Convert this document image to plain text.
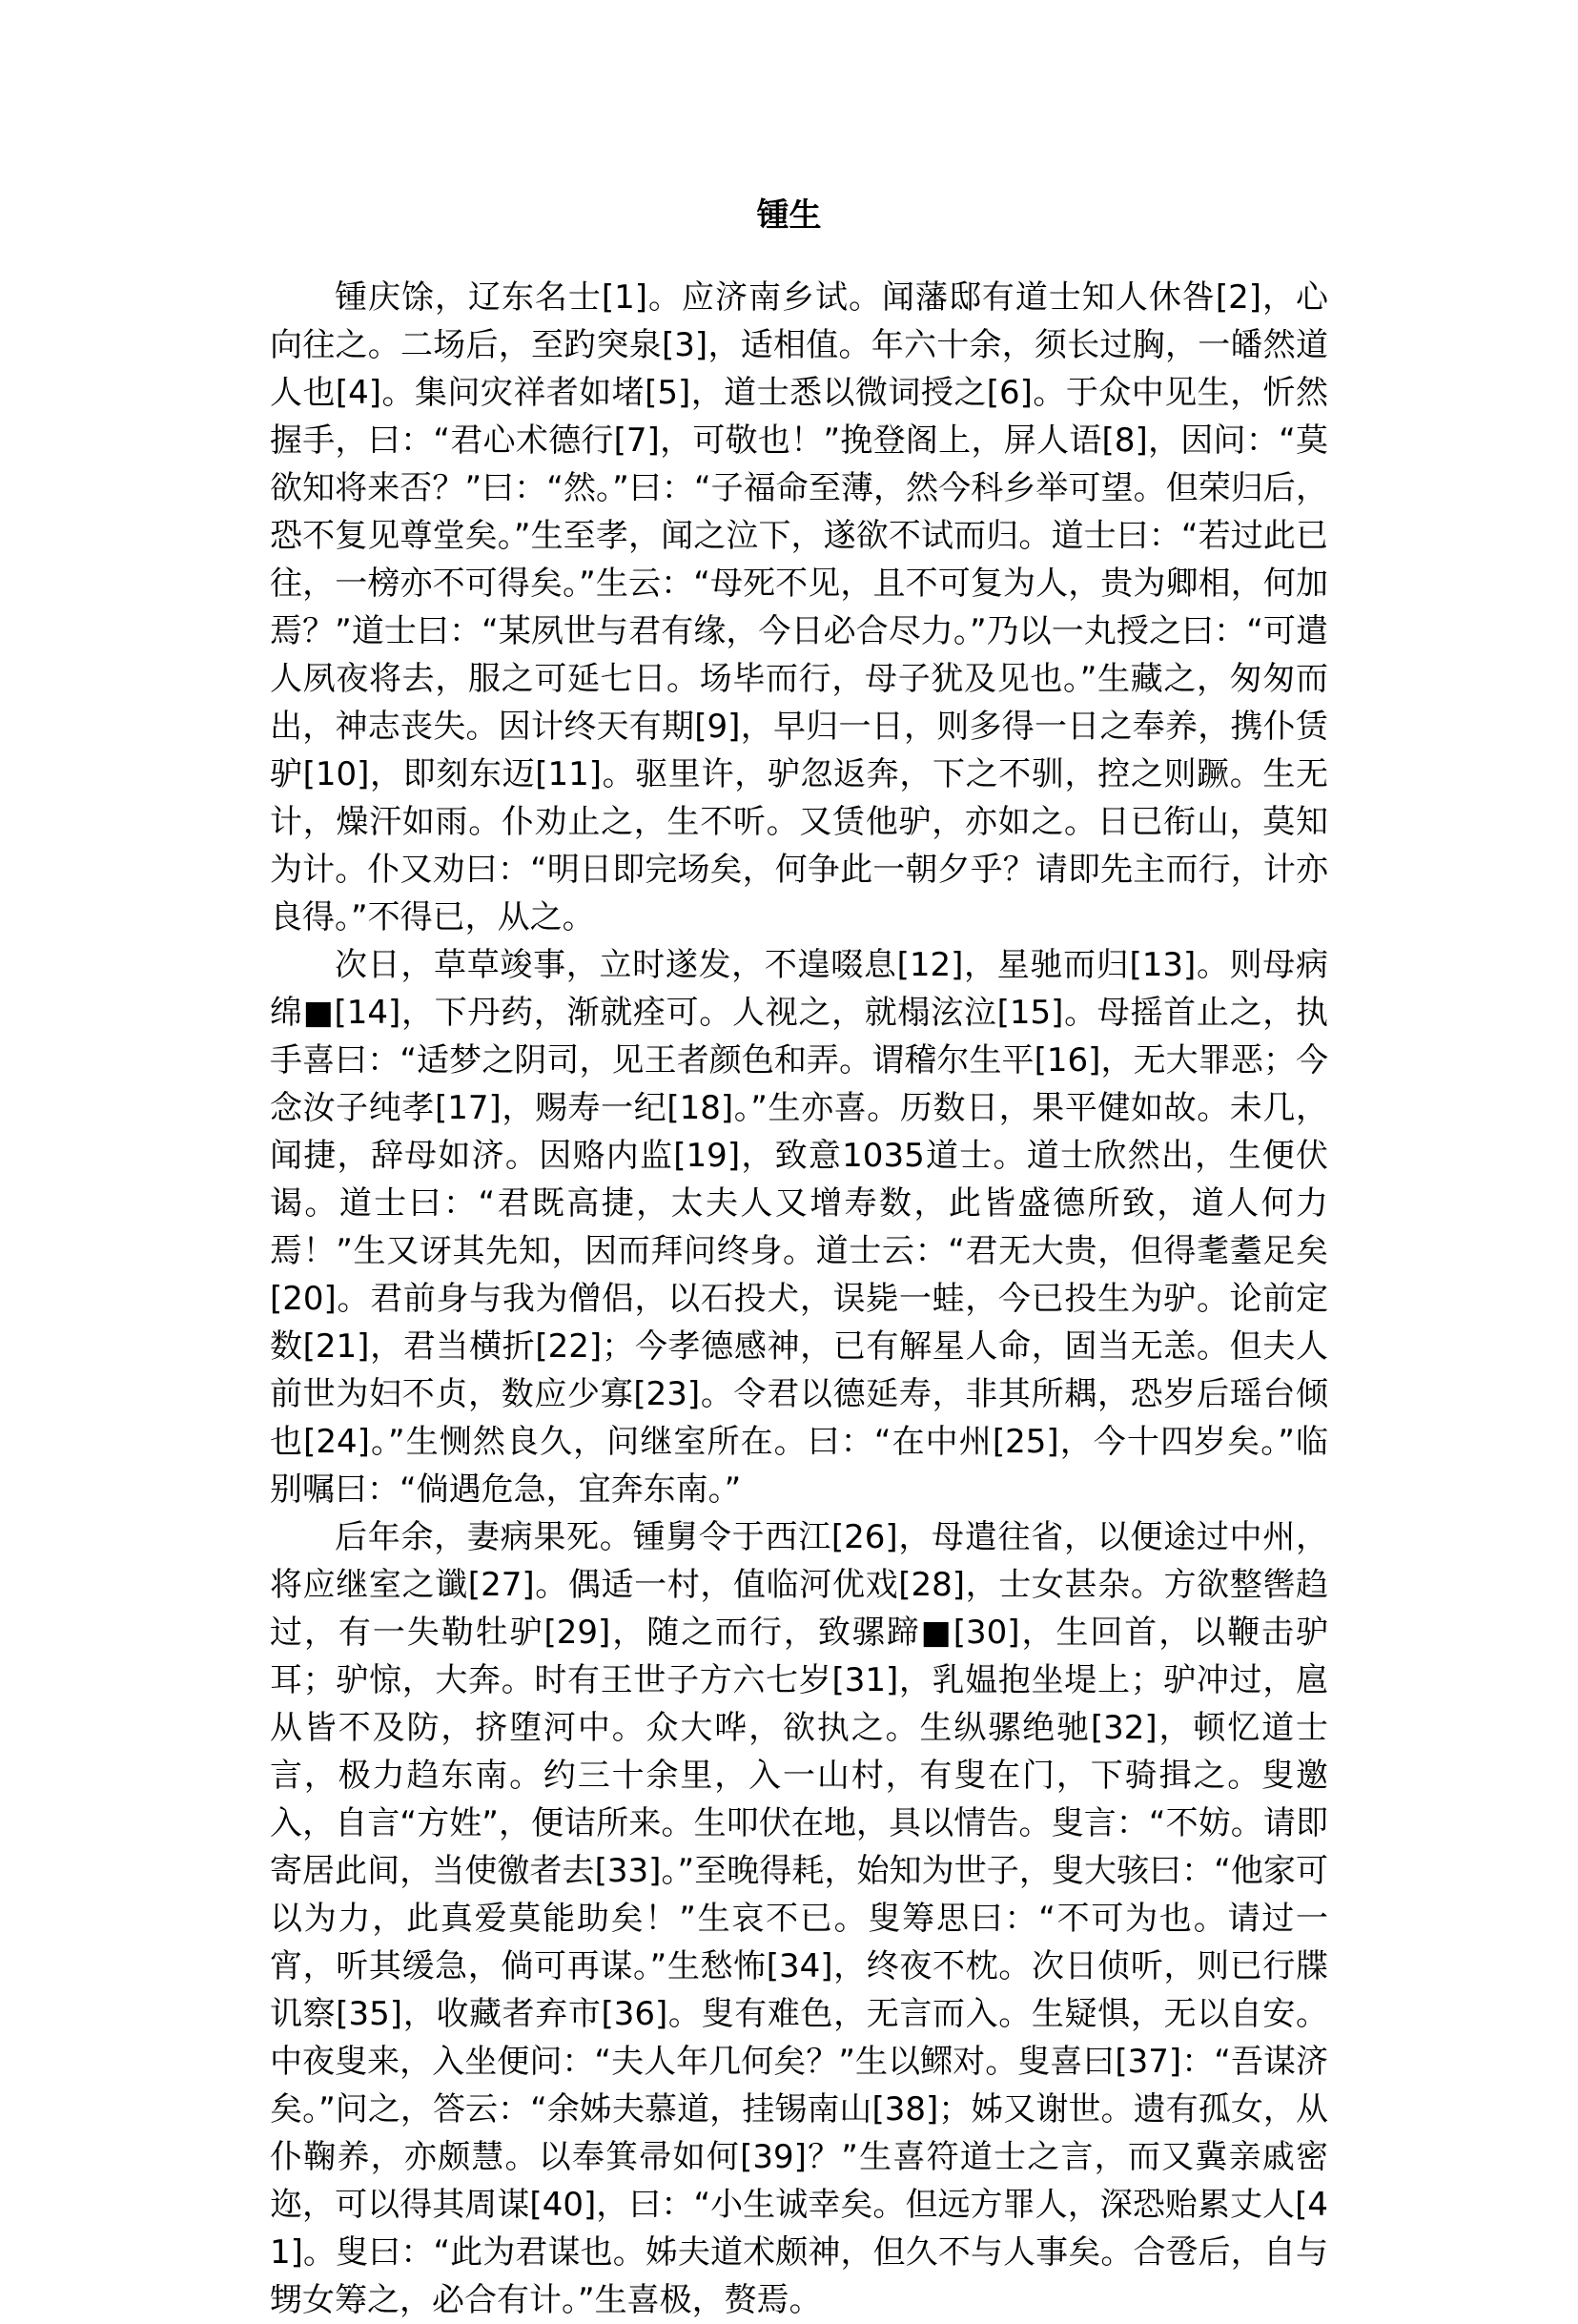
锺生

锺庆馀，辽东名士[1]。应济南乡试。闻藩邸有道士知人休咎[2]，心向往之。二场后，至趵突泉[3]，适相值。年六十余，须长过胸，一皤然道人也[4]。集问灾祥者如堵[5]，道士悉以微词授之[6]。于众中见生，忻然握手，曰：“君心术德行[7]，可敬也！”挽登阁上，屏人语[8]，因问：“莫欲知将来否？”曰：“然。”曰：“子福命至薄，然今科乡举可望。但荣归后，恐不复见尊堂矣。”生至孝，闻之泣下，遂欲不试而归。道士曰：“若过此已往，一榜亦不可得矣。”生云：“母死不见，且不可复为人，贵为卿相，何加焉？”道士曰：“某夙世与君有缘，今日必合尽力。”乃以一丸授之曰：“可遣人夙夜将去，服之可延七日。场毕而行，母子犹及见也。”生藏之，匆匆而出，神志丧失。因计终天有期[9]，早归一日，则多得一日之奉养，携仆赁驴[10]，即刻东迈[11]。驱里许，驴忽返奔，下之不驯，控之则蹶。生无计，燥汗如雨。仆劝止之，生不听。又赁他驴，亦如之。日已衔山，莫知为计。仆又劝曰：“明日即完场矣，何争此一朝夕乎？请即先主而行，计亦良得。”不得已，从之。

次日，草草竣事，立时遂发，不遑啜息[12]，星驰而归[13]。则母病绵■[14]，下丹药，渐就痊可。人视之，就榻泫泣[15]。母摇首止之，执手喜曰：“适梦之阴司，见王者颜色和弄。谓稽尔生平[16]，无大罪恶；今念汝子纯孝[17]，赐寿一纪[18]。”生亦喜。历数日，果平健如故。未几，闻捷，辞母如济。因赂内监[19]，致意1035道士。道士欣然出，生便伏谒。道士曰：“君既高捷，太夫人又增寿数，此皆盛德所致，道人何力焉！”生又讶其先知，因而拜问终身。道士云：“君无大贵，但得耄耋足矣[20]。君前身与我为僧侣，以石投犬，误毙一蛙，今已投生为驴。论前定数[21]，君当横折[22]；今孝德感神，已有解星人命，固当无恙。但夫人前世为妇不贞，数应少寡[23]。令君以德延寿，非其所耦，恐岁后瑶台倾也[24]。”生恻然良久，问继室所在。曰：“在中州[25]，今十四岁矣。”临别嘱曰：“倘遇危急，宜奔东南。”

后年余，妻病果死。锺舅令于西江[26]，母遣往省，以便途过中州，将应继室之谶[27]。偶适一村，值临河优戏[28]，士女甚杂。方欲整辔趋过，有一失勒牡驴[29]，随之而行，致骡蹄■[30]，生回首，以鞭击驴耳；驴惊，大奔。时有王世子方六七岁[31]，乳媪抱坐堤上；驴冲过，扈从皆不及防，挤堕河中。众大哗，欲执之。生纵骡绝驰[32]，顿忆道士言，极力趋东南。约三十余里，入一山村，有叟在门，下骑揖之。叟邀入，自言“方姓”，便诘所来。生叩伏在地，具以情告。叟言：“不妨。请即寄居此间，当使徼者去[33]。”至晚得耗，始知为世子，叟大骇曰：“他家可以为力，此真爱莫能助矣！”生哀不已。叟筹思曰：“不可为也。请过一宵，听其缓急，倘可再谋。”生愁怖[34]，终夜不枕。次日侦听，则已行牒讥察[35]，收藏者弃市[36]。叟有难色，无言而入。生疑惧，无以自安。中夜叟来，入坐便问：“夫人年几何矣？”生以鳏对。叟喜曰[37]：“吾谋济矣。”问之，答云：“余姊夫慕道，挂锡南山[38]；姊又谢世。遗有孤女，从仆鞠养，亦颇慧。以奉箕帚如何[39]？”生喜符道士之言，而又冀亲戚密迩，可以得其周谋[40]，曰：“小生诚幸矣。但远方罪人，深恐贻累丈人[41]。叟曰：“此为君谋也。姊夫道术颇神，但久不与人事矣。合卺后，自与甥女筹之，必合有计。”生喜极，赘焉。
